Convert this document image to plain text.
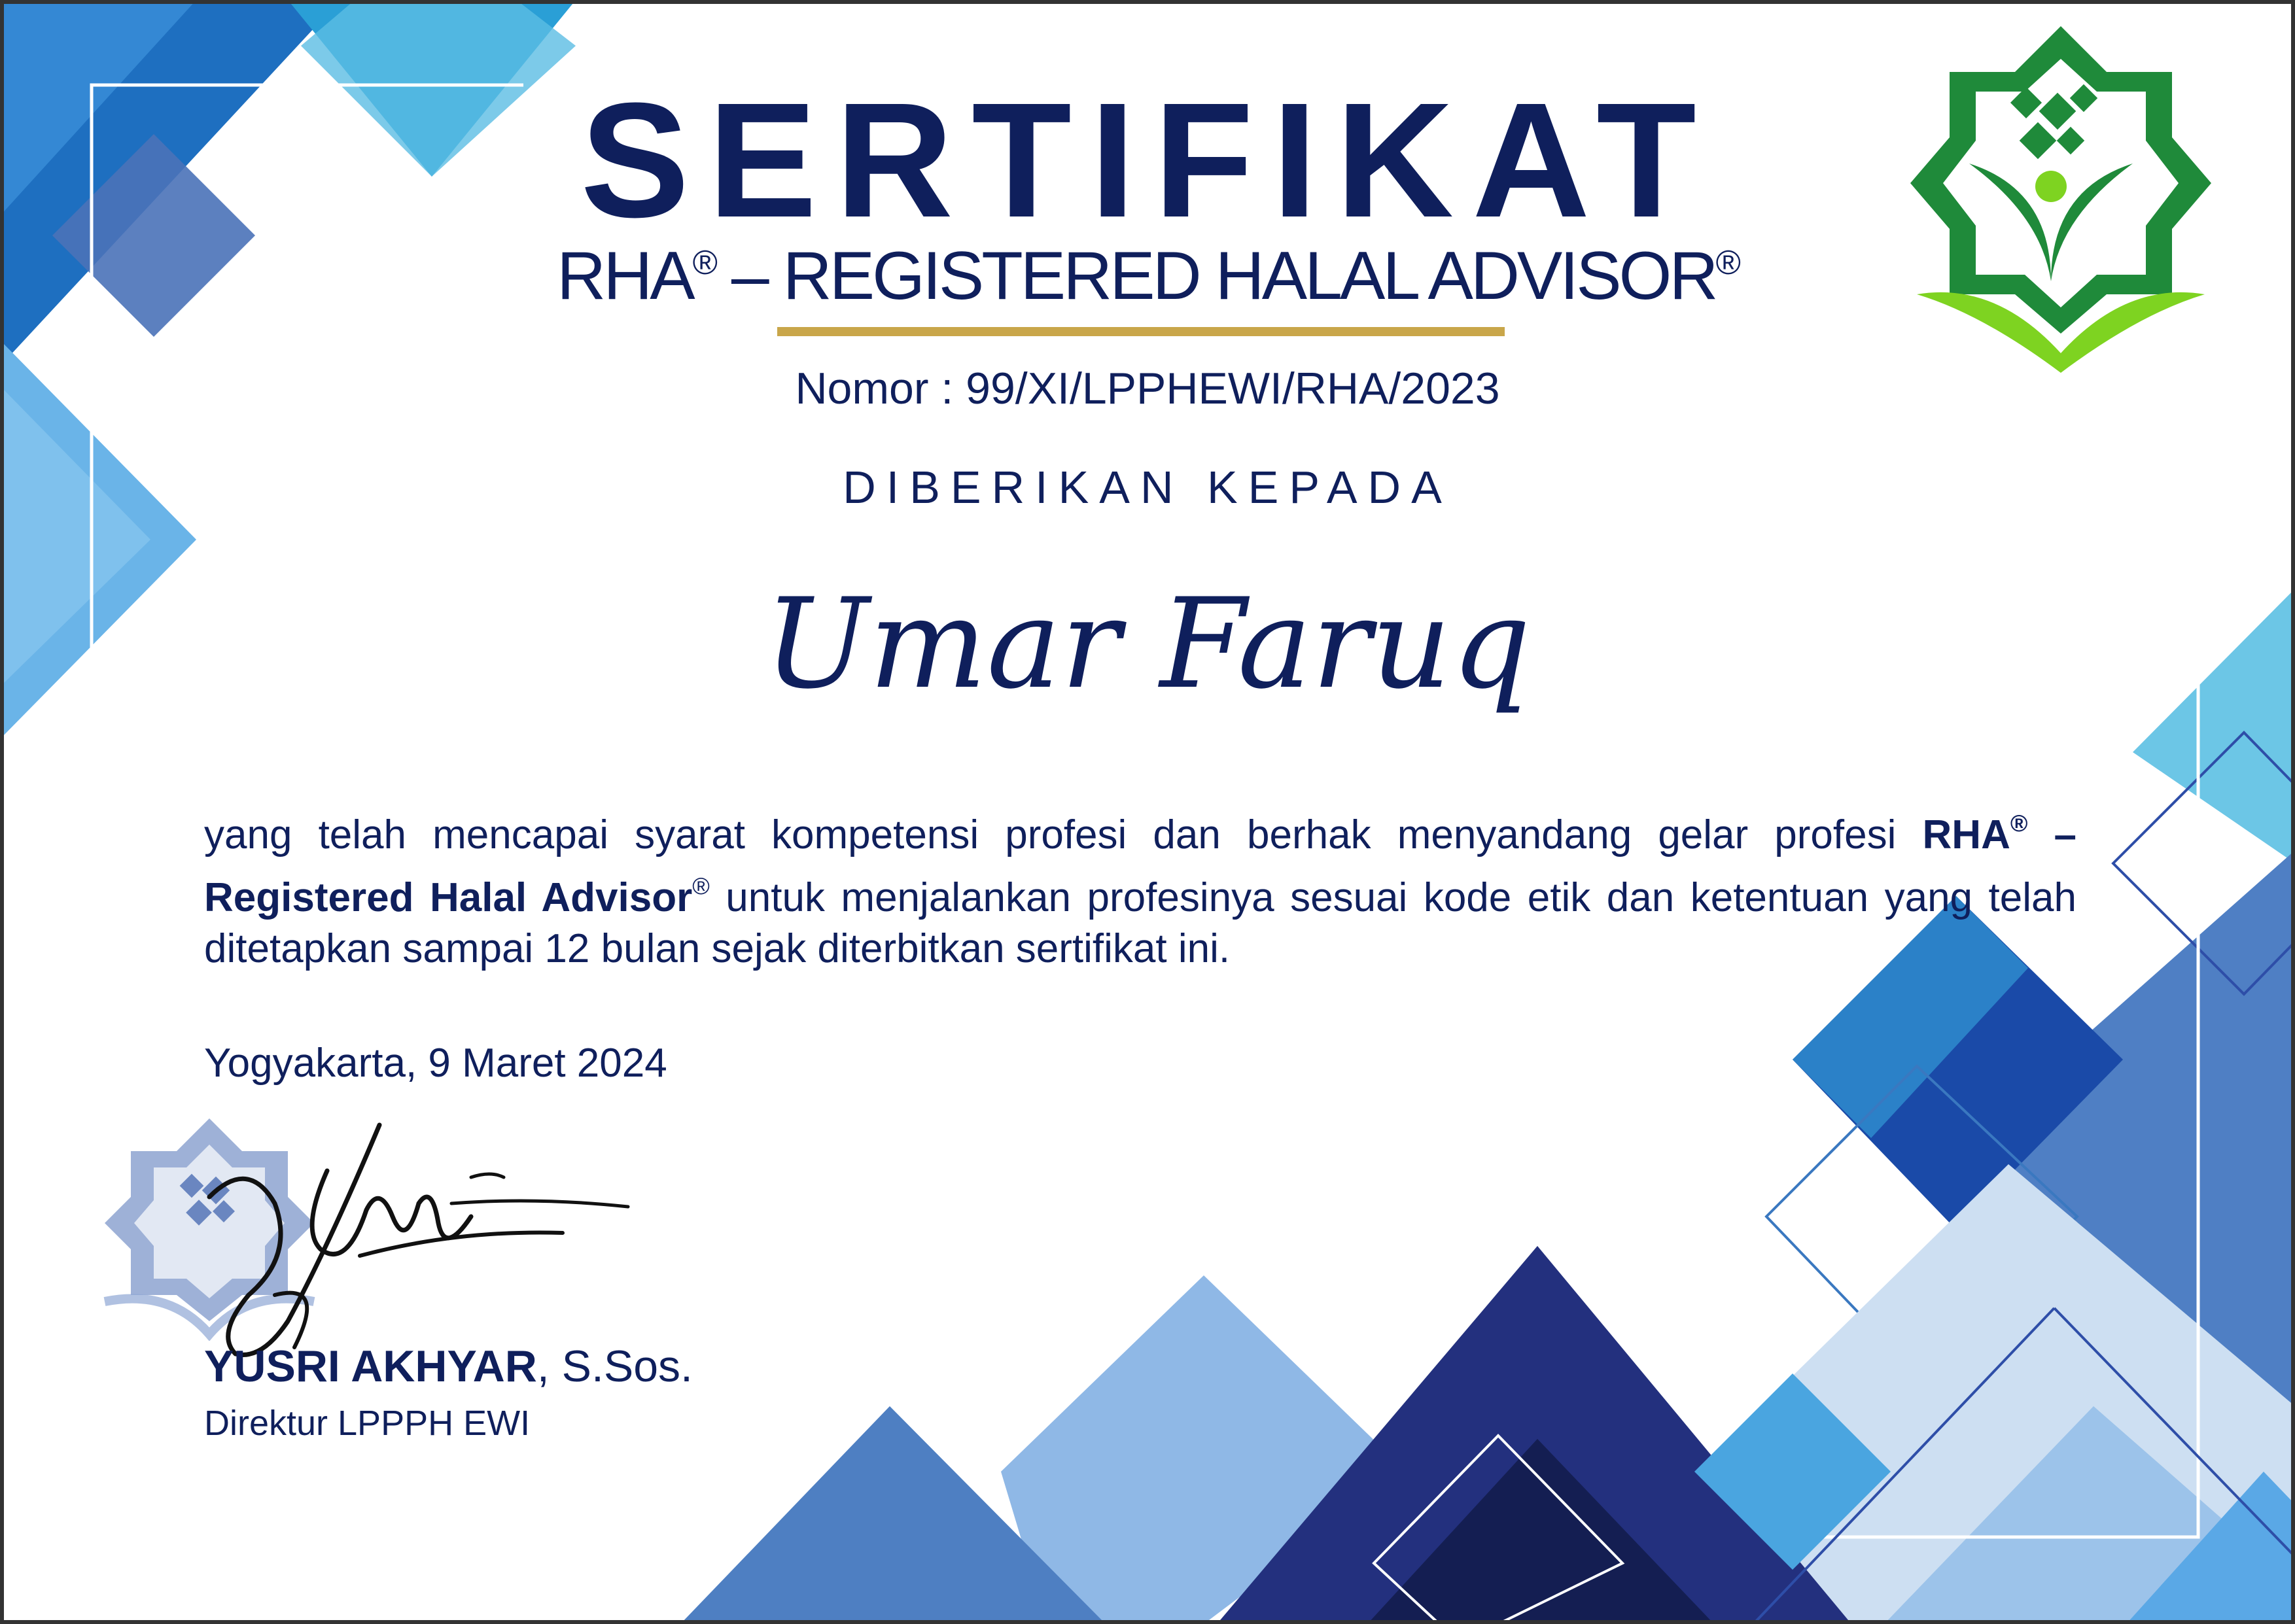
SERTIFIKAT
RHA® – REGISTERED HALAL ADVISOR®
Nomor : 99/XI/LPPHEWI/RHA/2023
DIBERIKAN KEPADA
Umar Faruq

yang telah mencapai syarat kompetensi profesi dan berhak menyandang gelar profesi RHA® – Registered Halal Advisor® untuk menjalankan profesinya sesuai kode etik dan ketentuan yang telah ditetapkan sampai 12 bulan sejak diterbitkan sertifikat ini.

Yogyakarta, 9 Maret 2024
YUSRI AKHYAR, S.Sos.
Direktur LPPPH EWI
